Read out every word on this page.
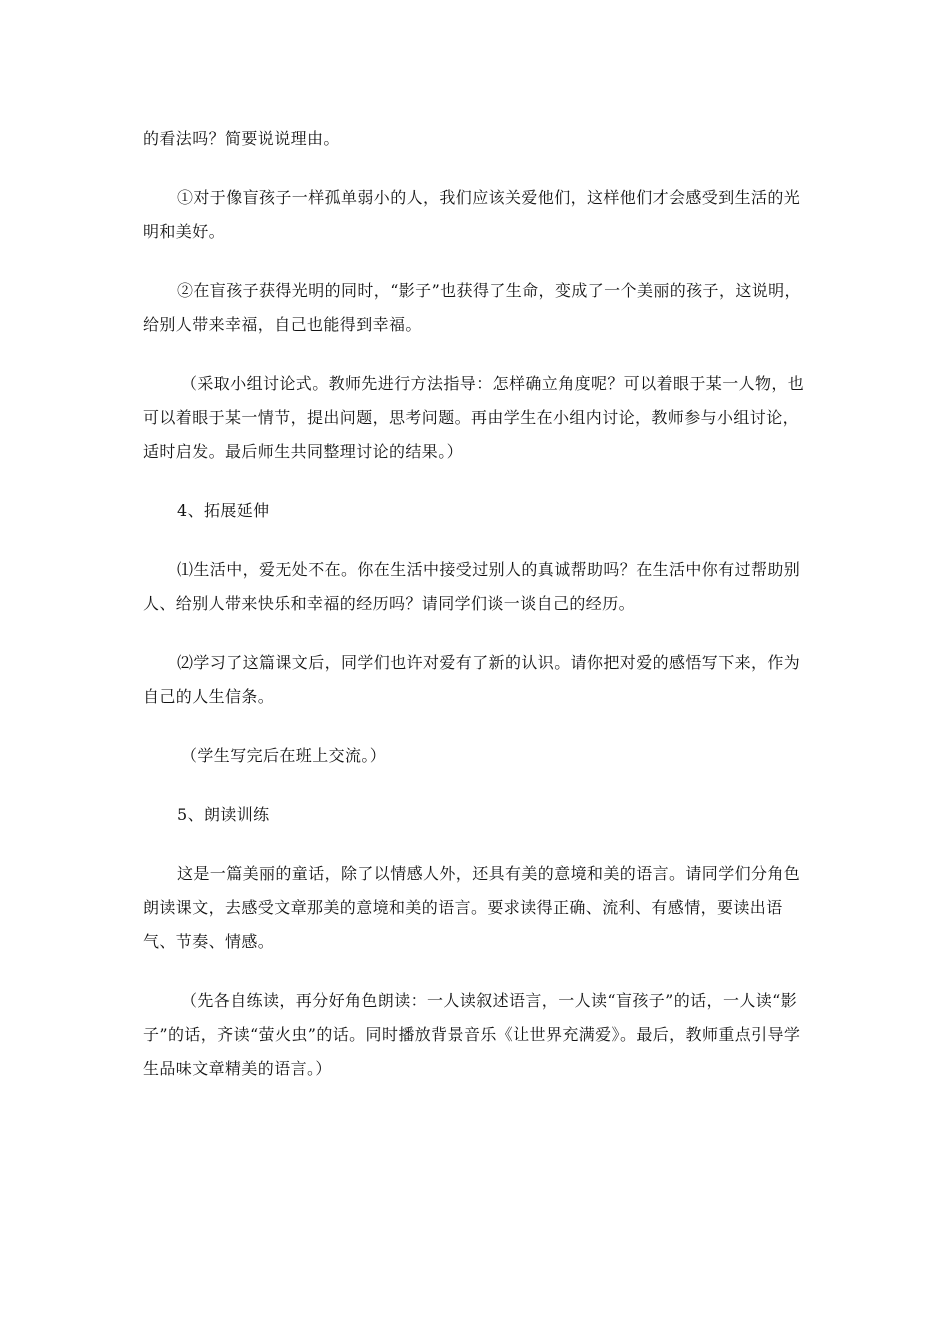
的看法吗？简要说说理由。

①对于像盲孩子一样孤单弱小的人，我们应该关爱他们，这样他们才会感受到生活的光明和美好。

②在盲孩子获得光明的同时，“影子”也获得了生命，变成了一个美丽的孩子，这说明，给别人带来幸福，自己也能得到幸福。

（采取小组讨论式。教师先进行方法指导：怎样确立角度呢？可以着眼于某一人物，也可以着眼于某一情节，提出问题，思考问题。再由学生在小组内讨论，教师参与小组讨论，适时启发。最后师生共同整理讨论的结果。）

4、拓展延伸

⑴生活中，爱无处不在。你在生活中接受过别人的真诚帮助吗？在生活中你有过帮助别人、给别人带来快乐和幸福的经历吗？请同学们谈一谈自己的经历。

⑵学习了这篇课文后，同学们也许对爱有了新的认识。请你把对爱的感悟写下来，作为自己的人生信条。

（学生写完后在班上交流。）

5、朗读训练

这是一篇美丽的童话，除了以情感人外，还具有美的意境和美的语言。请同学们分角色朗读课文，去感受文章那美的意境和美的语言。要求读得正确、流利、有感情，要读出语气、节奏、情感。

（先各自练读，再分好角色朗读：一人读叙述语言，一人读“盲孩子”的话，一人读“影子”的话，齐读“萤火虫”的话。同时播放背景音乐《让世界充满爱》。最后，教师重点引导学生品味文章精美的语言。）
